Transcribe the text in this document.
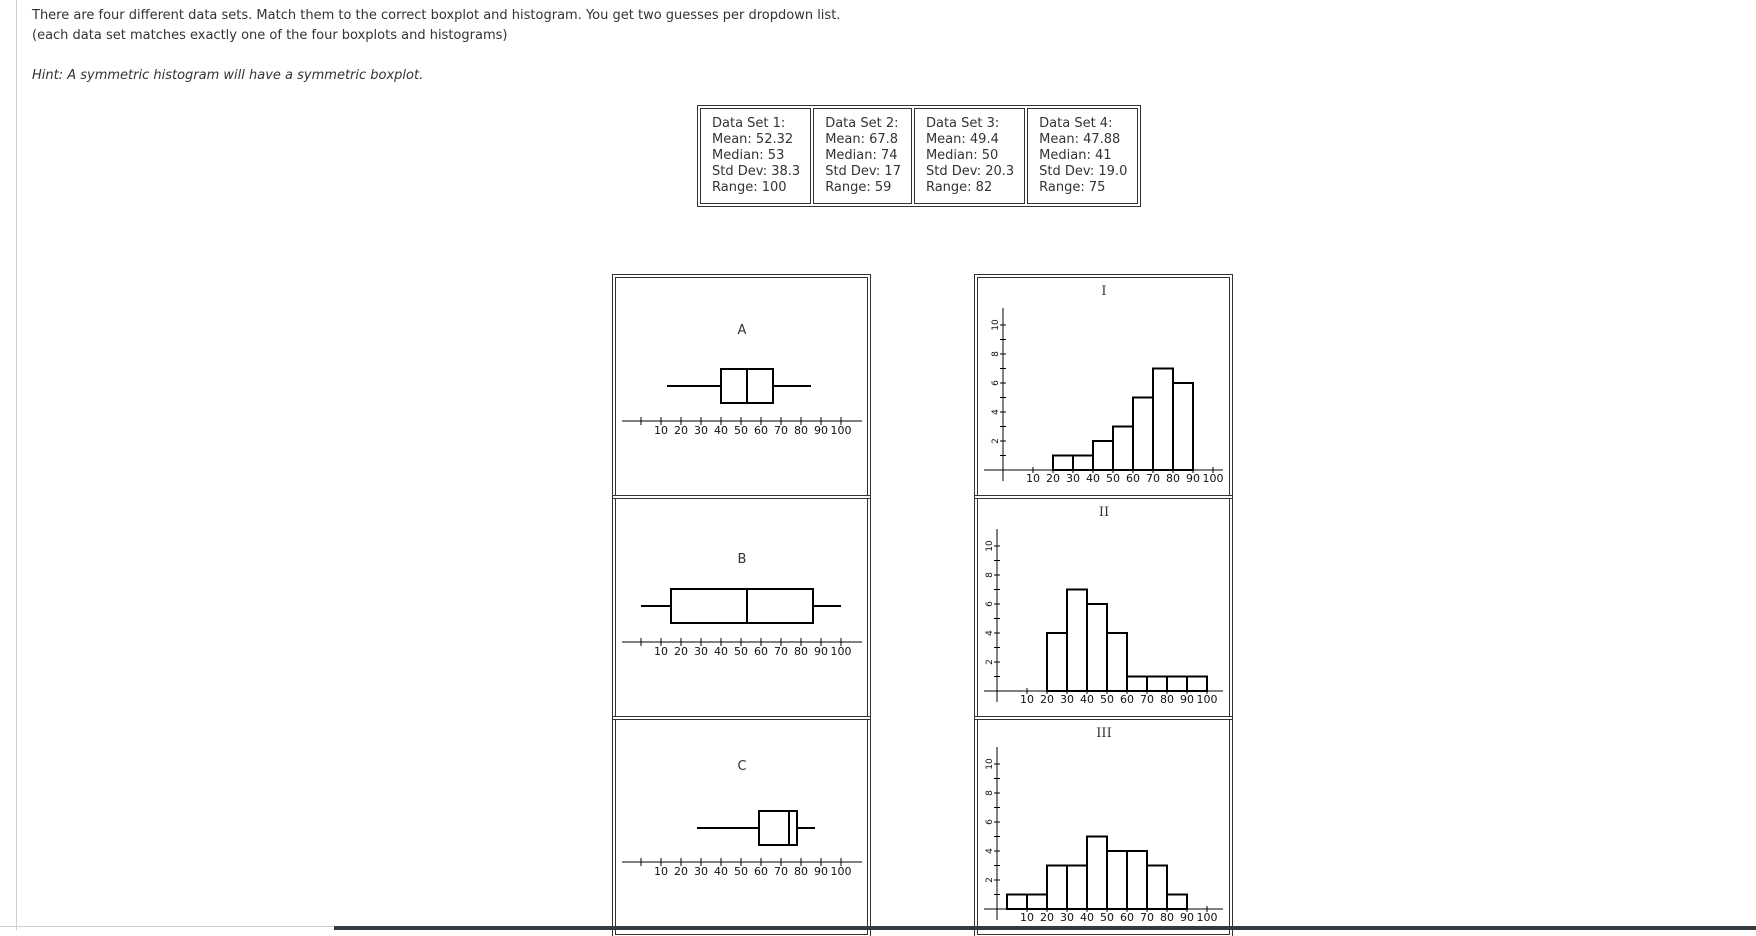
There are four different data sets. Match them to the correct boxplot and histogram. You get two guesses per dropdown list.

(each data set matches exactly one of the four boxplots and histograms)

Hint: A symmetric histogram will have a symmetric boxplot.

Data Set 1:
Mean: 52.32
Median: 53
Std Dev: 38.3
Range: 100

Data Set 2:
Mean: 67.8
Median: 74
Std Dev: 17
Range: 59

Data Set 3:
Mean: 49.4
Median: 50
Std Dev: 20.3
Range: 82

Data Set 4:
Mean: 47.88
Median: 41
Std Dev: 19.0
Range: 75
A
10 20 30 40 50 60 70 80 90 100
B
10 20 30 40 50 60 70 80 90 100
C
10 20 30 40 50 60 70 80 90 100
I
2
4
6
8
10
10 20 30 40 50 60 70 80 90 100
II
2
4
6
8
10
10 20 30 40 50 60 70 80 90 100
III
2
4
6
8
10
10 20 30 40 50 60 70 80 90 100
